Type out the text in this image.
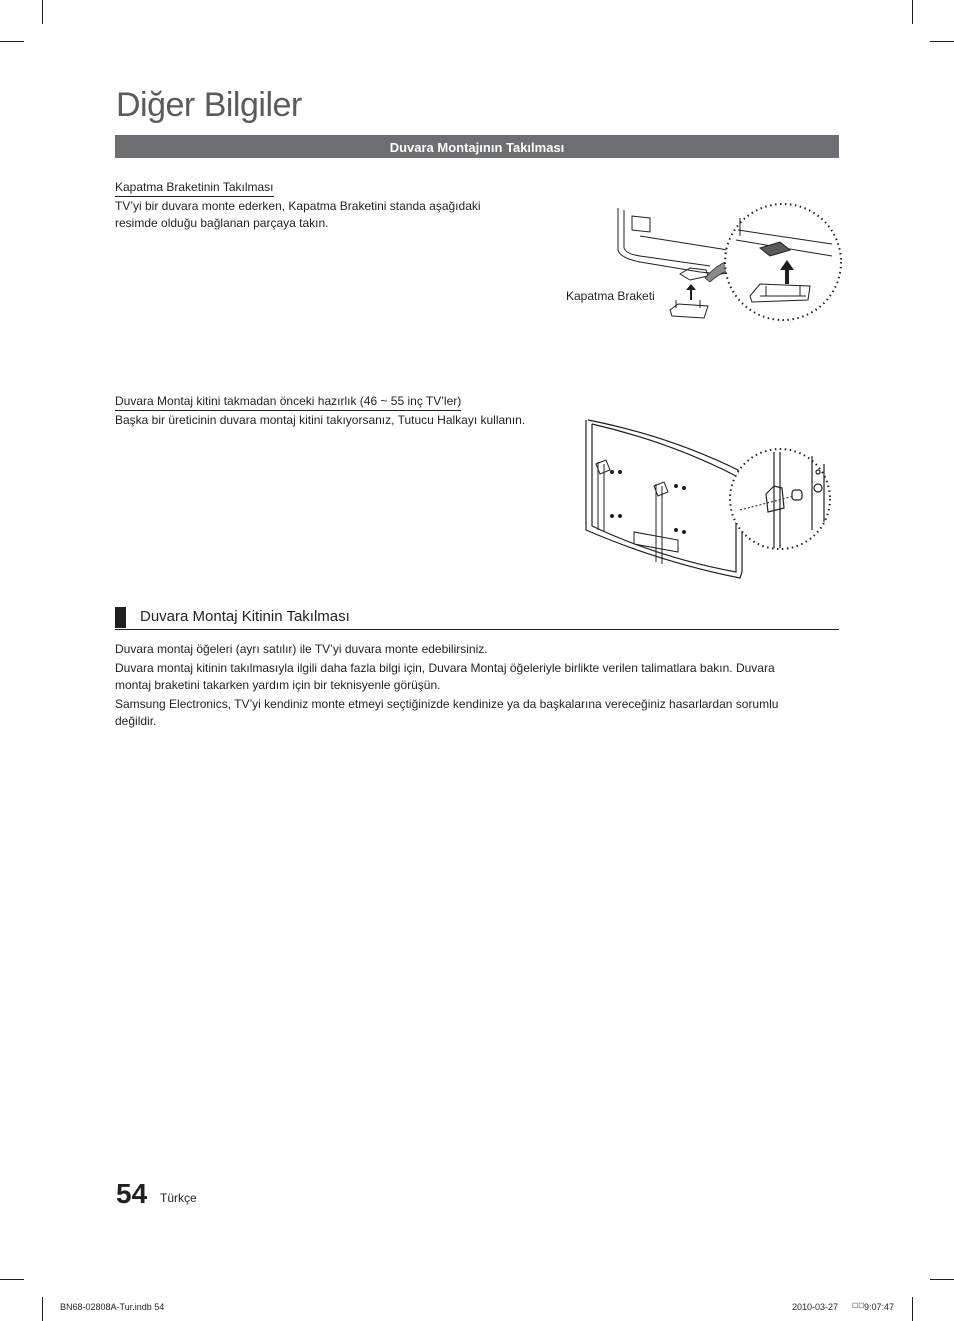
Diğer Bilgiler
Duvara Montajının Takılması
Kapatma Braketinin Takılması
TV’yi bir duvara monte ederken, Kapatma Braketini standa aşağıdaki
resimde olduğu bağlanan parçaya takın.
Kapatma Braketi
Duvara Montaj kitini takmadan önceki hazırlık (46 ~ 55 inç TV’ler)
Başka bir üreticinin duvara montaj kitini takıyorsanız, Tutucu Halkayı kullanın.
Duvara Montaj Kitinin Takılması
Duvara montaj öğeleri (ayrı satılır) ile TV’yi duvara monte edebilirsiniz.
Duvara montaj kitinin takılmasıyla ilgili daha fazla bilgi için, Duvara Montaj öğeleriyle birlikte verilen talimatlara bakın. Duvara
montaj braketini takarken yardım için bir teknisyenle görüşün.
Samsung Electronics, TV’yi kendiniz monte etmeyi seçtiğinizde kendinize ya da başkalarına vereceğiniz hasarlardan sorumlu
değildir.
54 Türkçe
BN68-02808A-Tur.indb 54	2010-03-27 ☐☐ 9:07:47
